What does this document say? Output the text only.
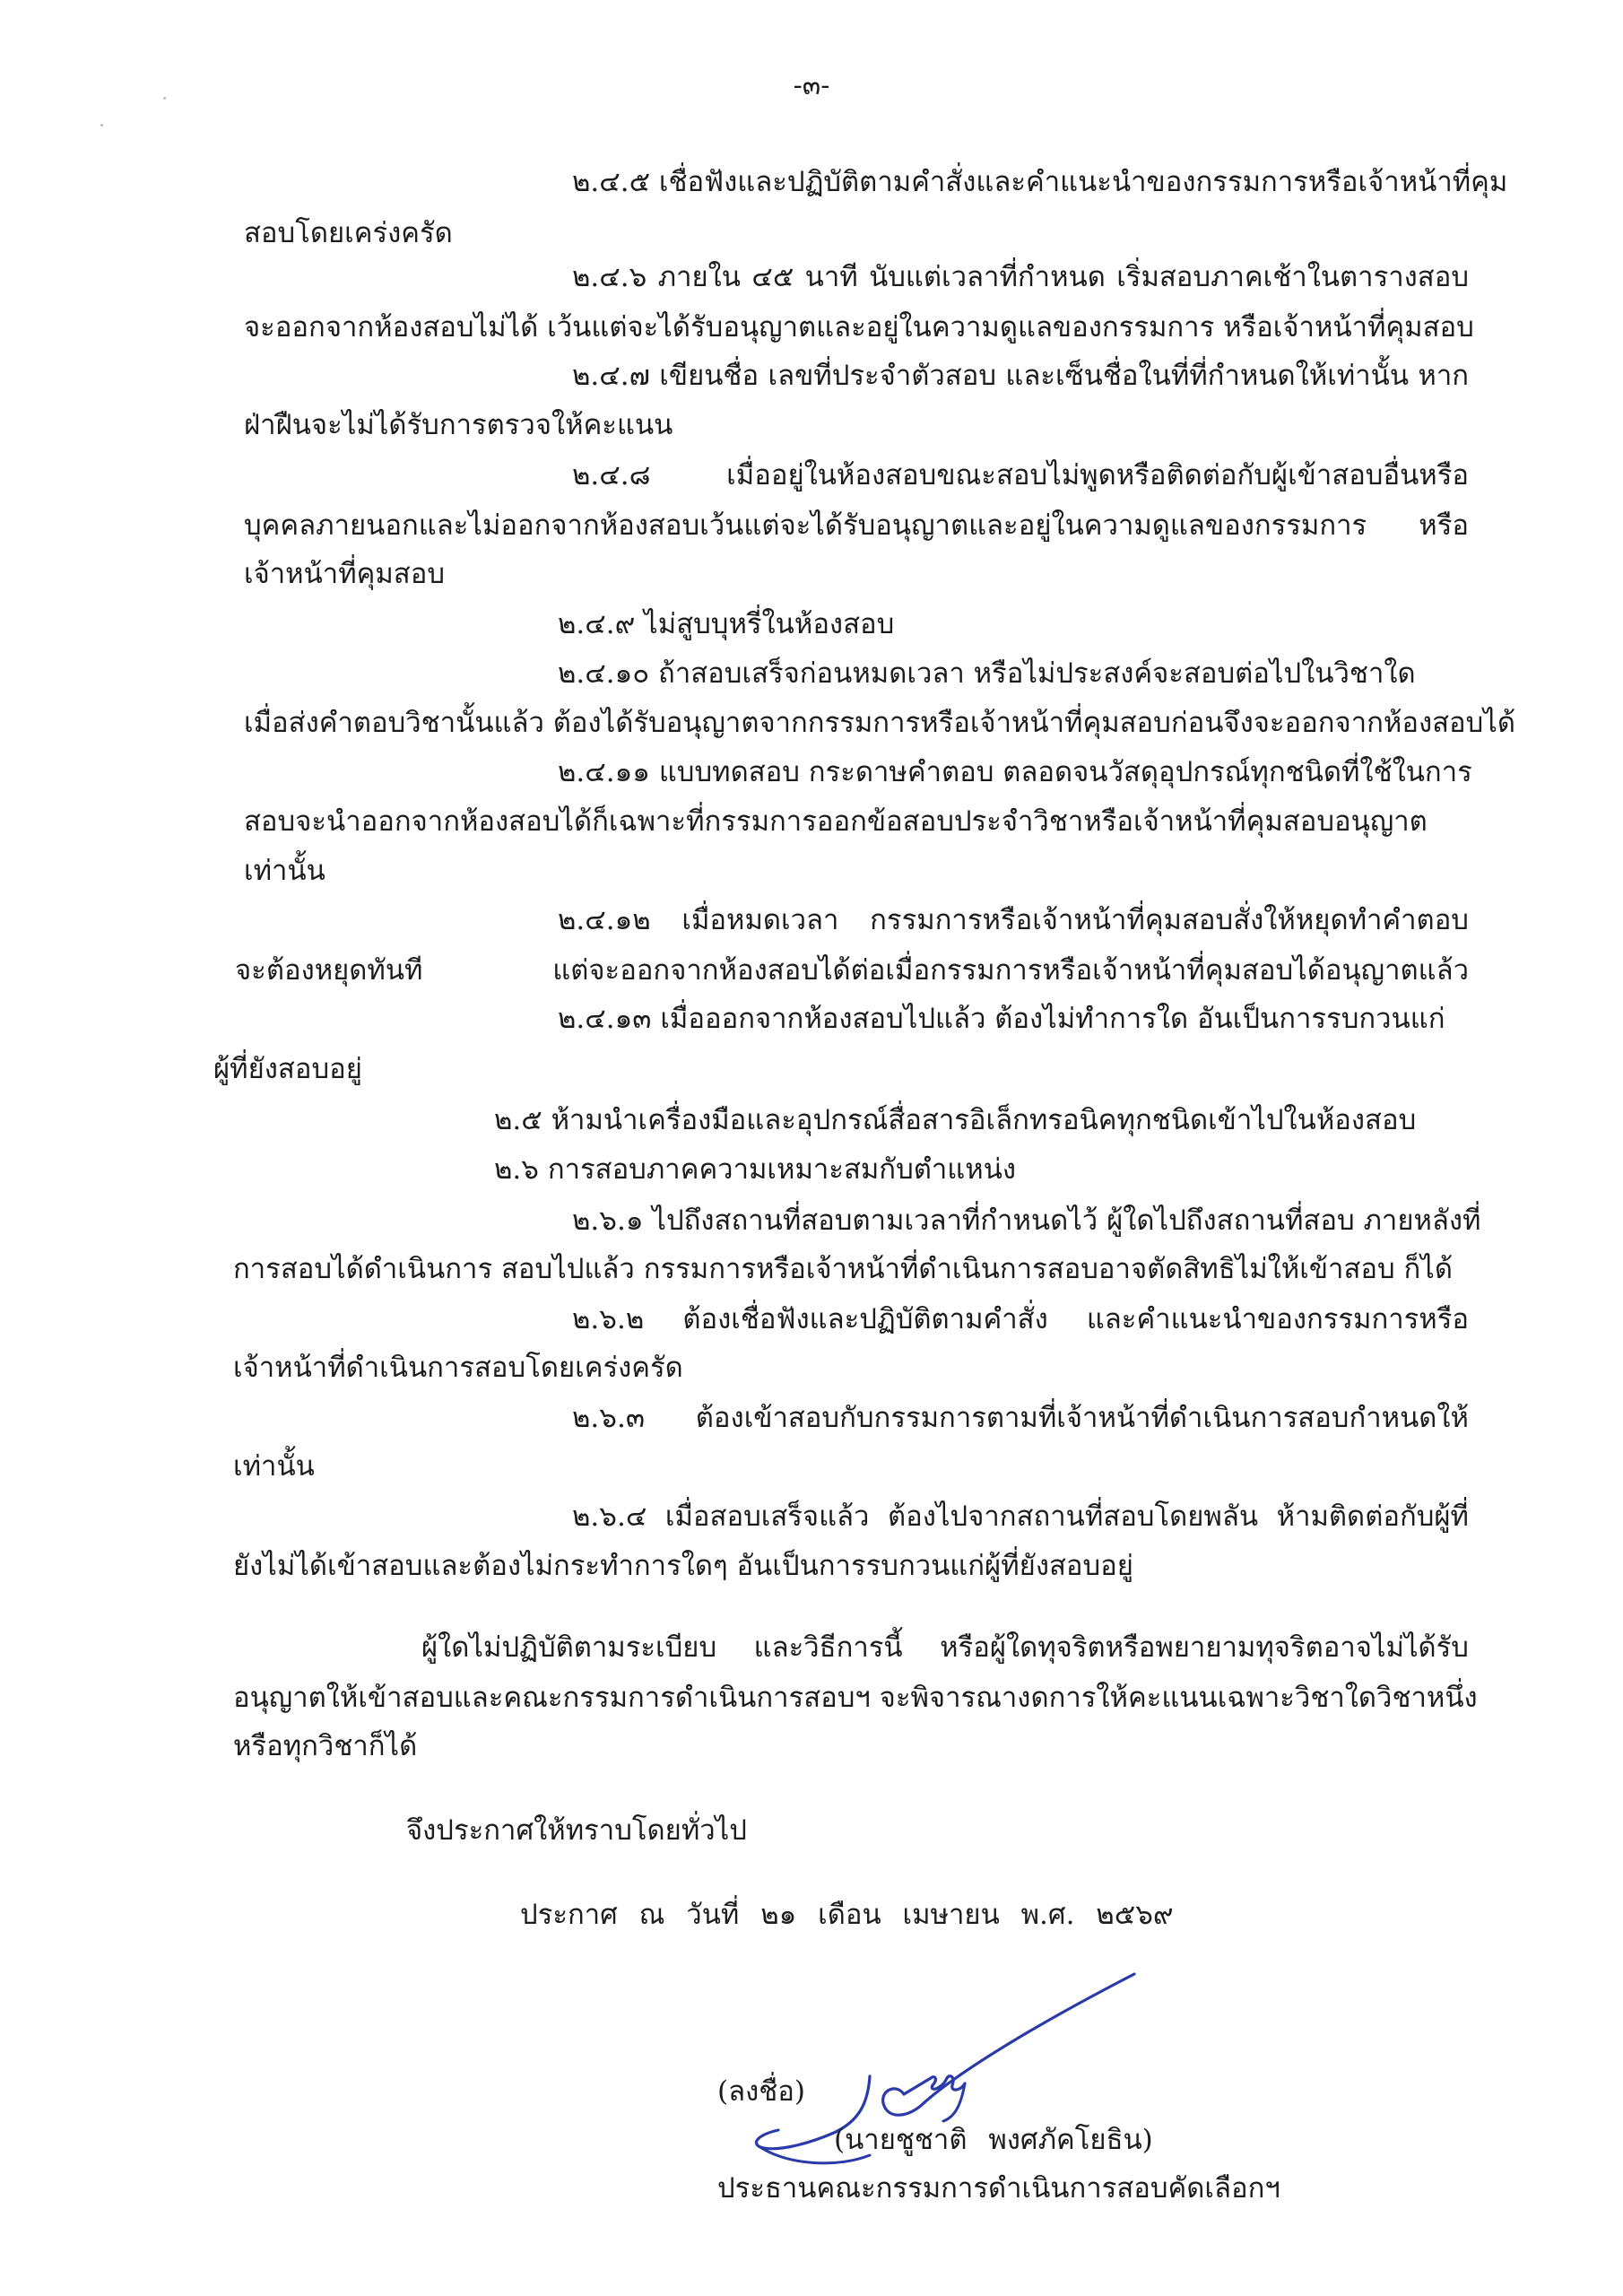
-๓-
๒.๔.๕ เชื่อฟังและปฏิบัติตามคำสั่งและคำแนะนำของกรรมการหรือเจ้าหน้าที่คุม
สอบโดยเคร่งครัด
๒.๔.๖ ภายใน ๔๕ นาที นับแต่เวลาที่กำหนด เริ่มสอบภาคเช้าในตารางสอบ
จะออกจากห้องสอบไม่ได้ เว้นแต่จะได้รับอนุญาตและอยู่ในความดูแลของกรรมการ หรือเจ้าหน้าที่คุมสอบ
๒.๔.๗ เขียนชื่อ เลขที่ประจำตัวสอบ และเซ็นชื่อในที่ที่กำหนดให้เท่านั้น หาก
ฝ่าฝืนจะไม่ได้รับการตรวจให้คะแนน
๒.๔.๘ เมื่ออยู่ในห้องสอบขณะสอบไม่พูดหรือติดต่อกับผู้เข้าสอบอื่นหรือ
บุคคลภายนอกและไม่ออกจากห้องสอบเว้นแต่จะได้รับอนุญาตและอยู่ในความดูแลของกรรมการ หรือ
เจ้าหน้าที่คุมสอบ
๒.๔.๙ ไม่สูบบุหรี่ในห้องสอบ
๒.๔.๑๐ ถ้าสอบเสร็จก่อนหมดเวลา หรือไม่ประสงค์จะสอบต่อไปในวิชาใด
เมื่อส่งคำตอบวิชานั้นแล้ว ต้องได้รับอนุญาตจากกรรมการหรือเจ้าหน้าที่คุมสอบก่อนจึงจะออกจากห้องสอบได้
๒.๔.๑๑ แบบทดสอบ กระดาษคำตอบ ตลอดจนวัสดุอุปกรณ์ทุกชนิดที่ใช้ในการ
สอบจะนำออกจากห้องสอบได้ก็เฉพาะที่กรรมการออกข้อสอบประจำวิชาหรือเจ้าหน้าที่คุมสอบอนุญาต
เท่านั้น
๒.๔.๑๒ เมื่อหมดเวลา กรรมการหรือเจ้าหน้าที่คุมสอบสั่งให้หยุดทำคำตอบ
จะต้องหยุดทันที แต่จะออกจากห้องสอบได้ต่อเมื่อกรรมการหรือเจ้าหน้าที่คุมสอบได้อนุญาตแล้ว
๒.๔.๑๓ เมื่อออกจากห้องสอบไปแล้ว ต้องไม่ทำการใด อันเป็นการรบกวนแก่
ผู้ที่ยังสอบอยู่
๒.๕ ห้ามนำเครื่องมือและอุปกรณ์สื่อสารอิเล็กทรอนิคทุกชนิดเข้าไปในห้องสอบ
๒.๖ การสอบภาคความเหมาะสมกับตำแหน่ง
๒.๖.๑ ไปถึงสถานที่สอบตามเวลาที่กำหนดไว้ ผู้ใดไปถึงสถานที่สอบ ภายหลังที่
การสอบได้ดำเนินการ สอบไปแล้ว กรรมการหรือเจ้าหน้าที่ดำเนินการสอบอาจตัดสิทธิไม่ให้เข้าสอบ ก็ได้
๒.๖.๒ ต้องเชื่อฟังและปฏิบัติตามคำสั่ง และคำแนะนำของกรรมการหรือ
เจ้าหน้าที่ดำเนินการสอบโดยเคร่งครัด
๒.๖.๓ ต้องเข้าสอบกับกรรมการตามที่เจ้าหน้าที่ดำเนินการสอบกำหนดให้
เท่านั้น
๒.๖.๔ เมื่อสอบเสร็จแล้ว ต้องไปจากสถานที่สอบโดยพลัน ห้ามติดต่อกับผู้ที่
ยังไม่ได้เข้าสอบและต้องไม่กระทำการใดๆ อันเป็นการรบกวนแก่ผู้ที่ยังสอบอยู่
ผู้ใดไม่ปฏิบัติตามระเบียบ และวิธีการนี้ หรือผู้ใดทุจริตหรือพยายามทุจริตอาจไม่ได้รับ
อนุญาตให้เข้าสอบและคณะกรรมการดำเนินการสอบฯ จะพิจารณางดการให้คะแนนเฉพาะวิชาใดวิชาหนึ่ง
หรือทุกวิชาก็ได้
จึงประกาศให้ทราบโดยทั่วไป
ประกาศ ณ วันที่ ๒๑ เดือน เมษายน พ.ศ. ๒๕๖๙
(ลงชื่อ)
(นายชูชาติ พงศภัคโยธิน)
ประธานคณะกรรมการดำเนินการสอบคัดเลือกฯ
